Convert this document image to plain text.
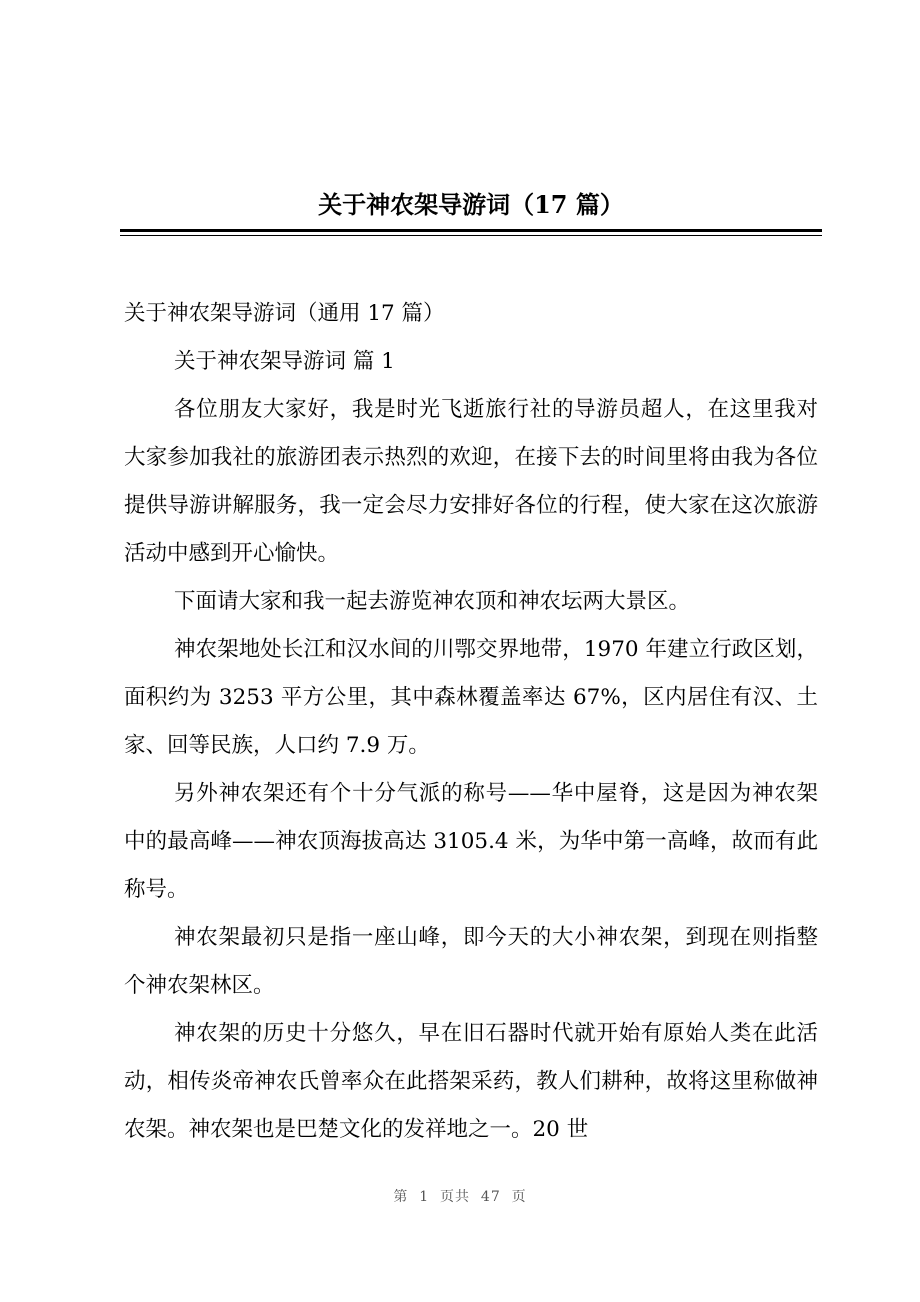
关于神农架导游词（17 篇）

关于神农架导游词（通用 17 篇）

关于神农架导游词 篇 1

各位朋友大家好，我是时光飞逝旅行社的导游员超人，在这里我对大家参加我社的旅游团表示热烈的欢迎，在接下去的时间里将由我为各位提供导游讲解服务，我一定会尽力安排好各位的行程，使大家在这次旅游活动中感到开心愉快。

下面请大家和我一起去游览神农顶和神农坛两大景区。

神农架地处长江和汉水间的川鄂交界地带，1970 年建立行政区划，面积约为 3253 平方公里，其中森林覆盖率达 67%，区内居住有汉、土家、回等民族，人口约 7.9 万。

另外神农架还有个十分气派的称号——华中屋脊，这是因为神农架中的最高峰——神农顶海拔高达 3105.4 米，为华中第一高峰，故而有此称号。

神农架最初只是指一座山峰，即今天的大小神农架，到现在则指整个神农架林区。

神农架的历史十分悠久，早在旧石器时代就开始有原始人类在此活动，相传炎帝神农氏曾率众在此搭架采药，教人们耕种，故将这里称做神农架。神农架也是巴楚文化的发祥地之一。20 世

第  1  页共  47  页
